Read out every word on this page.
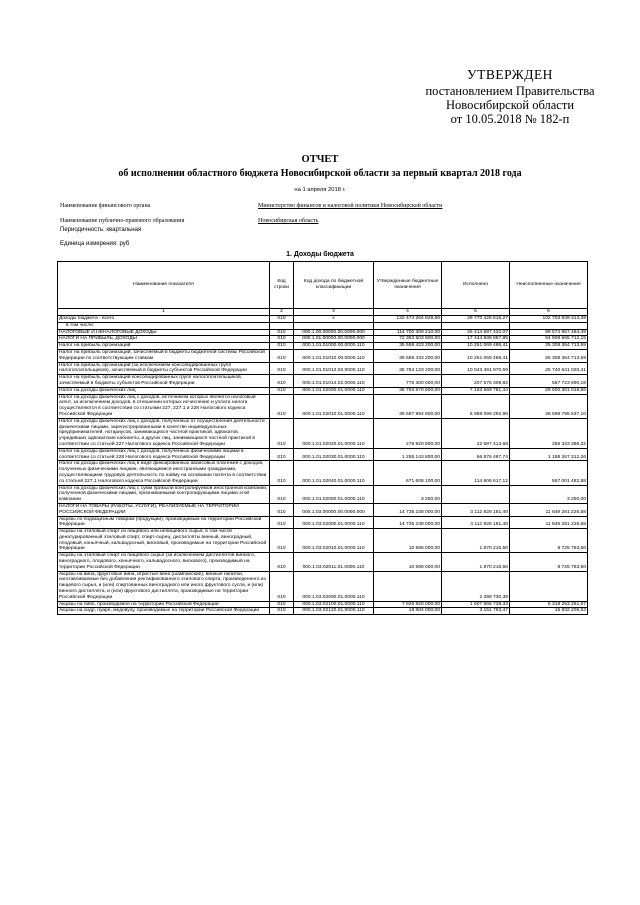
УТВЕРЖДЕН
постановлением Правительства
Новосибирской области
от 10.05.2018 № 182-п
ОТЧЕТ
об исполнении областного бюджета Новосибирской области за первый квартал 2018 года
на 1 апреля 2018 г.
Наименование финансового органа	Министерство финансов и налоговой политики Новосибирской области
Наименование публично-правового образования	Новосибирская область
Периодичность: квартальная
Единица измерения: руб
1. Доходы бюджета
Наименование показателя	Код строки	Код дохода по бюджетной классификации	Утвержденные бюджетные назначения	Исполнено	Неисполненные назначения
1	2	3	4	5	6
Доходы бюджета - всего	010	x	132 474 264 829,66	29 770 425 516,27	102 703 839 313,39
в том числе:					
НАЛОГОВЫЕ И НЕНАЛОГОВЫЕ ДОХОДЫ	010	000.1.00.00000.00.0000.000	114 700 309 210,00	25 414 587 432,07	89 574 957 464,49
НАЛОГИ НА ПРИБЫЛЬ, ДОХОДЫ	010	000.1.01.00000.00.0000.000	72 353 503 600,00	17 444 838 887,85	54 908 665 712,15
Налог на прибыль организаций	010	000.1.01.01000.00.0000.110	35 559 433 200,00	10 251 069 486,41	25 308 364 713,59
Налог на прибыль организаций, зачисляемый в бюджеты бюджетной системы Российской Федерации по соответствующим ставкам	010	000.1.01.01010.00.0000.110	35 559 433 200,00	10 251 069 486,41	25 308 364 713,59
Налог на прибыль организаций (за исключением консолидированных групп налогоплательщиков), зачисляемый в бюджеты субъектов Российской Федерации	010	000.1.01.01012.02.0000.110	35 784 133 200,00	10 043 491 970,59	25 740 641 020,41
Налог на прибыль организаций консолидированных групп налогоплательщиков, зачисляемый в бюджеты субъектов Российской Федерации	010	000.1.01.01014.02.0000.110	775 300 000,00	207 576 309,82	567 723 690,18
Налог на доходы физических лиц	010	000.1.01.02000.01.0000.110	36 793 670 600,00	7 193 569 781,44	29 600 301 018,56
Налог на доходы физических лиц с доходов, источником которых является налоговый агент, за исключением доходов, в отношении которых исчисление и уплата налога осуществляются в соответствии со статьями 227, 227.1 и 228 Налогового кодекса Российской Федерации	010	000.1.01.02010.01.0000.110	35 587 894 800,00	6 989 099 292,90	28 598 795 537,10
Налог на доходы физических лиц с доходов, полученных от осуществления деятельности физическими лицами, зарегистрированными в качестве индивидуальных предпринимателей, нотариусов, занимающихся частной практикой, адвокатов, учредивших адвокатские кабинеты, и других лиц, занимающихся частной практикой в соответствии со статьей 227 Налогового кодекса Российской Федерации	010	000.1.01.02020.01.0000.110	278 920 800,00	22 587 413,68	256 333 386,32
Налог на доходы физических лиц с доходов, полученных физическими лицами в соответствии со статьей 228 Налогового кодекса Российской Федерации	010	000.1.01.02030.01.0000.110	1 255 143 800,00	66 876 487,74	1 188 267 312,26
Налог на доходы физических лиц в виде фиксированных авансовых платежей с доходов, полученных физическими лицами, являющимися иностранными гражданами, осуществляющими трудовую деятельность по найму на основании патента в соответствии со статьей 227.1 Налогового кодекса Российской Федерации	010	000.1.01.02040.01.0000.110	671 608 100,00	114 606 617,12	557 001 482,88
Налог на доходы физических лиц с сумм прибыли контролируемой иностранной компании, полученной физическими лицами, признаваемыми контролирующими лицами этой компании	010	000.1.01.02050.01.0000.110	3 250,00		3 250,00
НАЛОГИ НА ТОВАРЫ (РАБОТЫ, УСЛУГИ), РЕАЛИЗУЕМЫЕ НА ТЕРРИТОРИИ РОССИЙСКОЙ ФЕДЕРАЦИИ	010	000.1.03.00000.00.0000.000	14 735 238 000,00	3 112 828 181,40	11 849 281 226,58
Акцизы по подакцизным товарам (продукции), производимым на территории Российской Федерации	010	000.1.03.02000.01.0000.110	14 735 238 000,00	3 112 828 181,40	11 849 281 226,58
Акцизы на этиловый спирт из пищевого или непищевого сырья, в том числе денатурированный этиловый спирт, спирт-сырец, дистилляты винный, виноградный, плодовый, коньячный, кальвадосный, висковый, производимые на территории Российской Федерации	010	000.1.03.02010.01.0000.110	10 596 000,00	1 870 216,50	8 725 783,50
Акцизы на этиловый спирт из пищевого сырья (за исключением дистиллятов винного, виноградного, плодового, коньячного, кальвадосного, вискового), производимый на территории Российской Федерации	010	000.1.03.02011.01.0000.110	10 596 000,00	1 870 216,50	8 725 783,50
Акцизы на вина, фруктовые вина, игристые вина (шампанские), винные напитки, изготавливаемые без добавления ректификованного этилового спирта, произведенного из пищевого сырья, и (или) спиртованных виноградного или иного фруктового сусла, и (или) винного дистиллята, и (или) фруктового дистиллята, производимые на территории Российской Федерации	010	000.1.03.02090.01.0000.110		2 399 730,39	
Акцизы на пиво, производимое на территории Российской Федерации	010	000.1.03.02100.01.0000.110	7 925 820 000,00	1 607 566 738,33	6 318 253 261,67
Акцизы на сидр, пуаре, медовуху, производимые на территории Российской Федерации	010	000.1.03.02120.01.0000.110	18 984 000,00	3 151 793,47	15 832 206,53
